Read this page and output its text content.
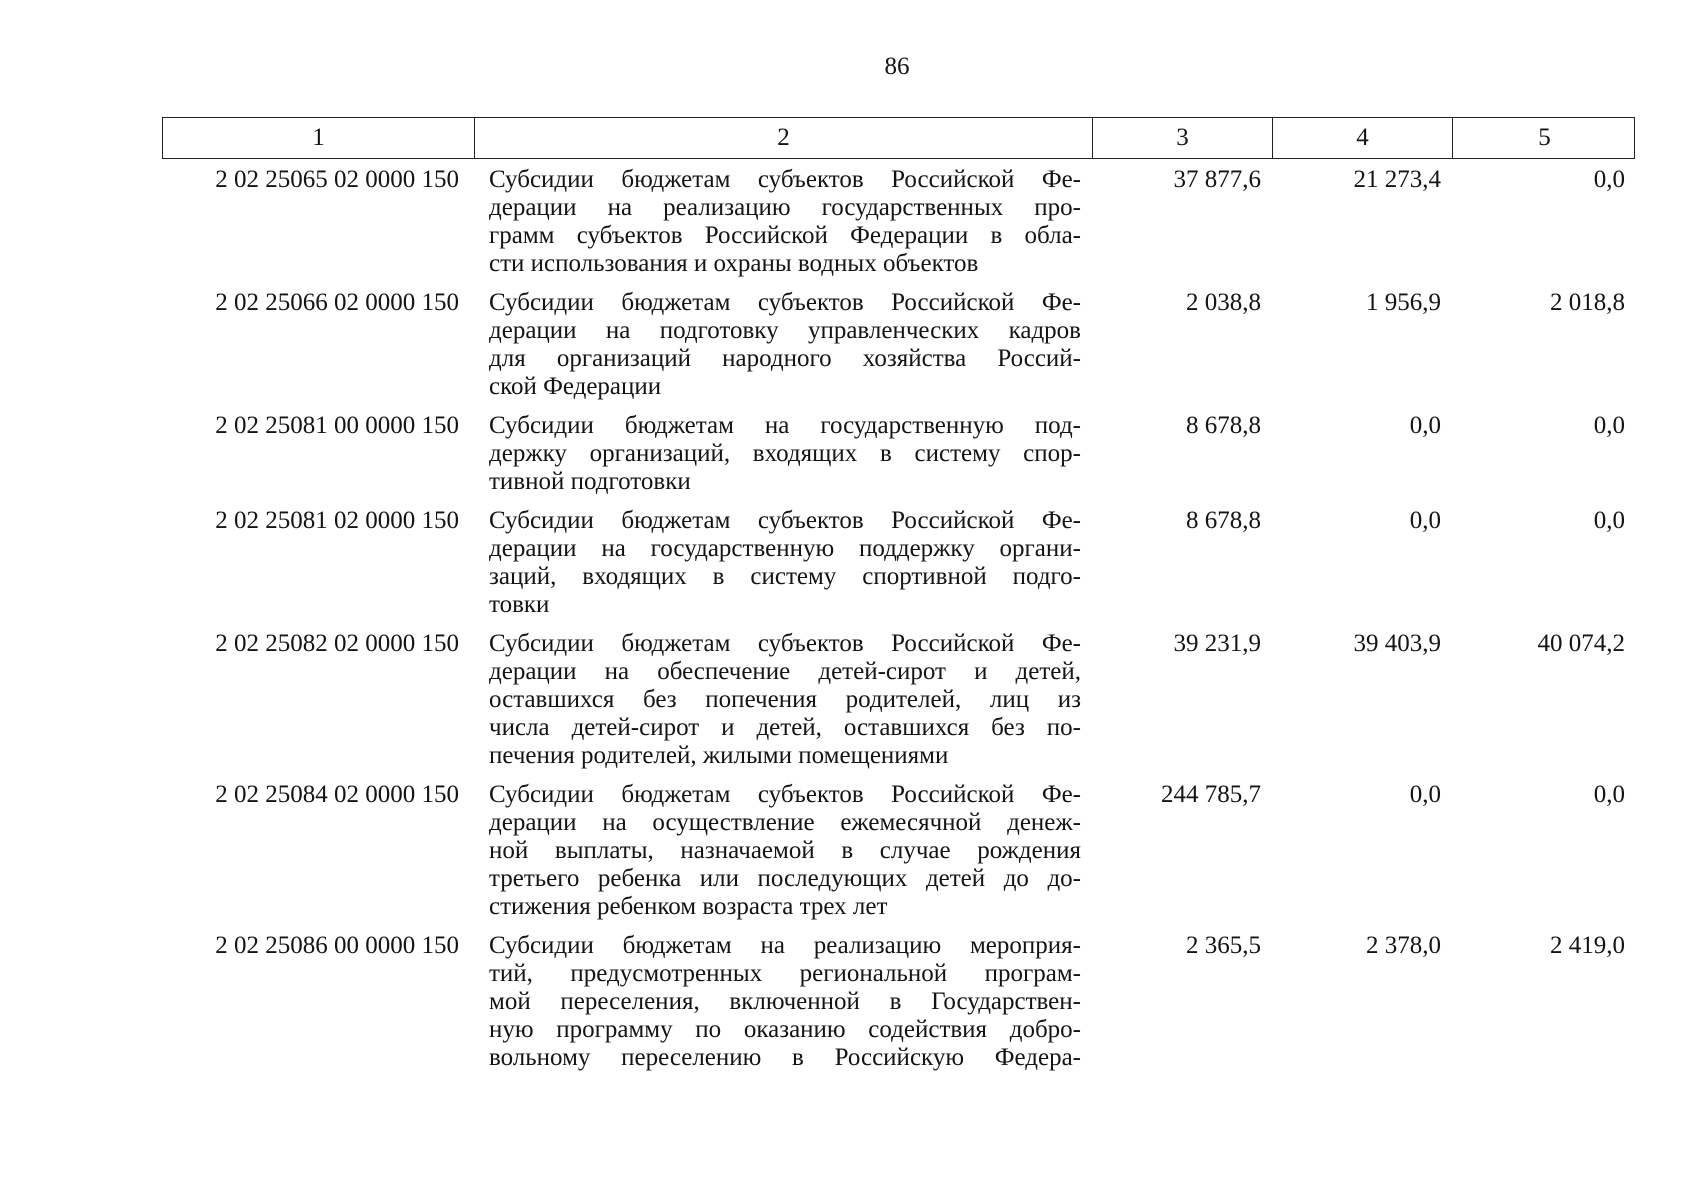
86
1	2	3	4	5
2 02 25065 02 0000 150	Субсидии бюджетам субъектов Российской Фе-
дерации на реализацию государственных про-
грамм субъектов Российской Федерации в обла-
сти использования и охраны водных объектов
37 877,6	21 273,4	0,0
2 02 25066 02 0000 150	Субсидии бюджетам субъектов Российской Фе-
дерации на подготовку управленческих кадров
для организаций народного хозяйства Россий-
ской Федерации
2 038,8	1 956,9	2 018,8
2 02 25081 00 0000 150	Субсидии бюджетам на государственную под-
держку организаций, входящих в систему спор-
тивной подготовки
8 678,8	0,0	0,0
2 02 25081 02 0000 150	Субсидии бюджетам субъектов Российской Фе-
дерации на государственную поддержку органи-
заций, входящих в систему спортивной подго-
товки
8 678,8	0,0	0,0
2 02 25082 02 0000 150	Субсидии бюджетам субъектов Российской Фе-
дерации на обеспечение детей-сирот и детей,
оставшихся без попечения родителей, лиц из
числа детей-сирот и детей, оставшихся без по-
печения родителей, жилыми помещениями
39 231,9	39 403,9	40 074,2
2 02 25084 02 0000 150	Субсидии бюджетам субъектов Российской Фе-
дерации на осуществление ежемесячной денеж-
ной выплаты, назначаемой в случае рождения
третьего ребенка или последующих детей до до-
стижения ребенком возраста трех лет
244 785,7	0,0	0,0
2 02 25086 00 0000 150	Субсидии бюджетам на реализацию мероприя-
тий, предусмотренных региональной програм-
мой переселения, включенной в Государствен-
ную программу по оказанию содействия добро-
вольному переселению в Российскую Федера-
2 365,5	2 378,0	2 419,0
